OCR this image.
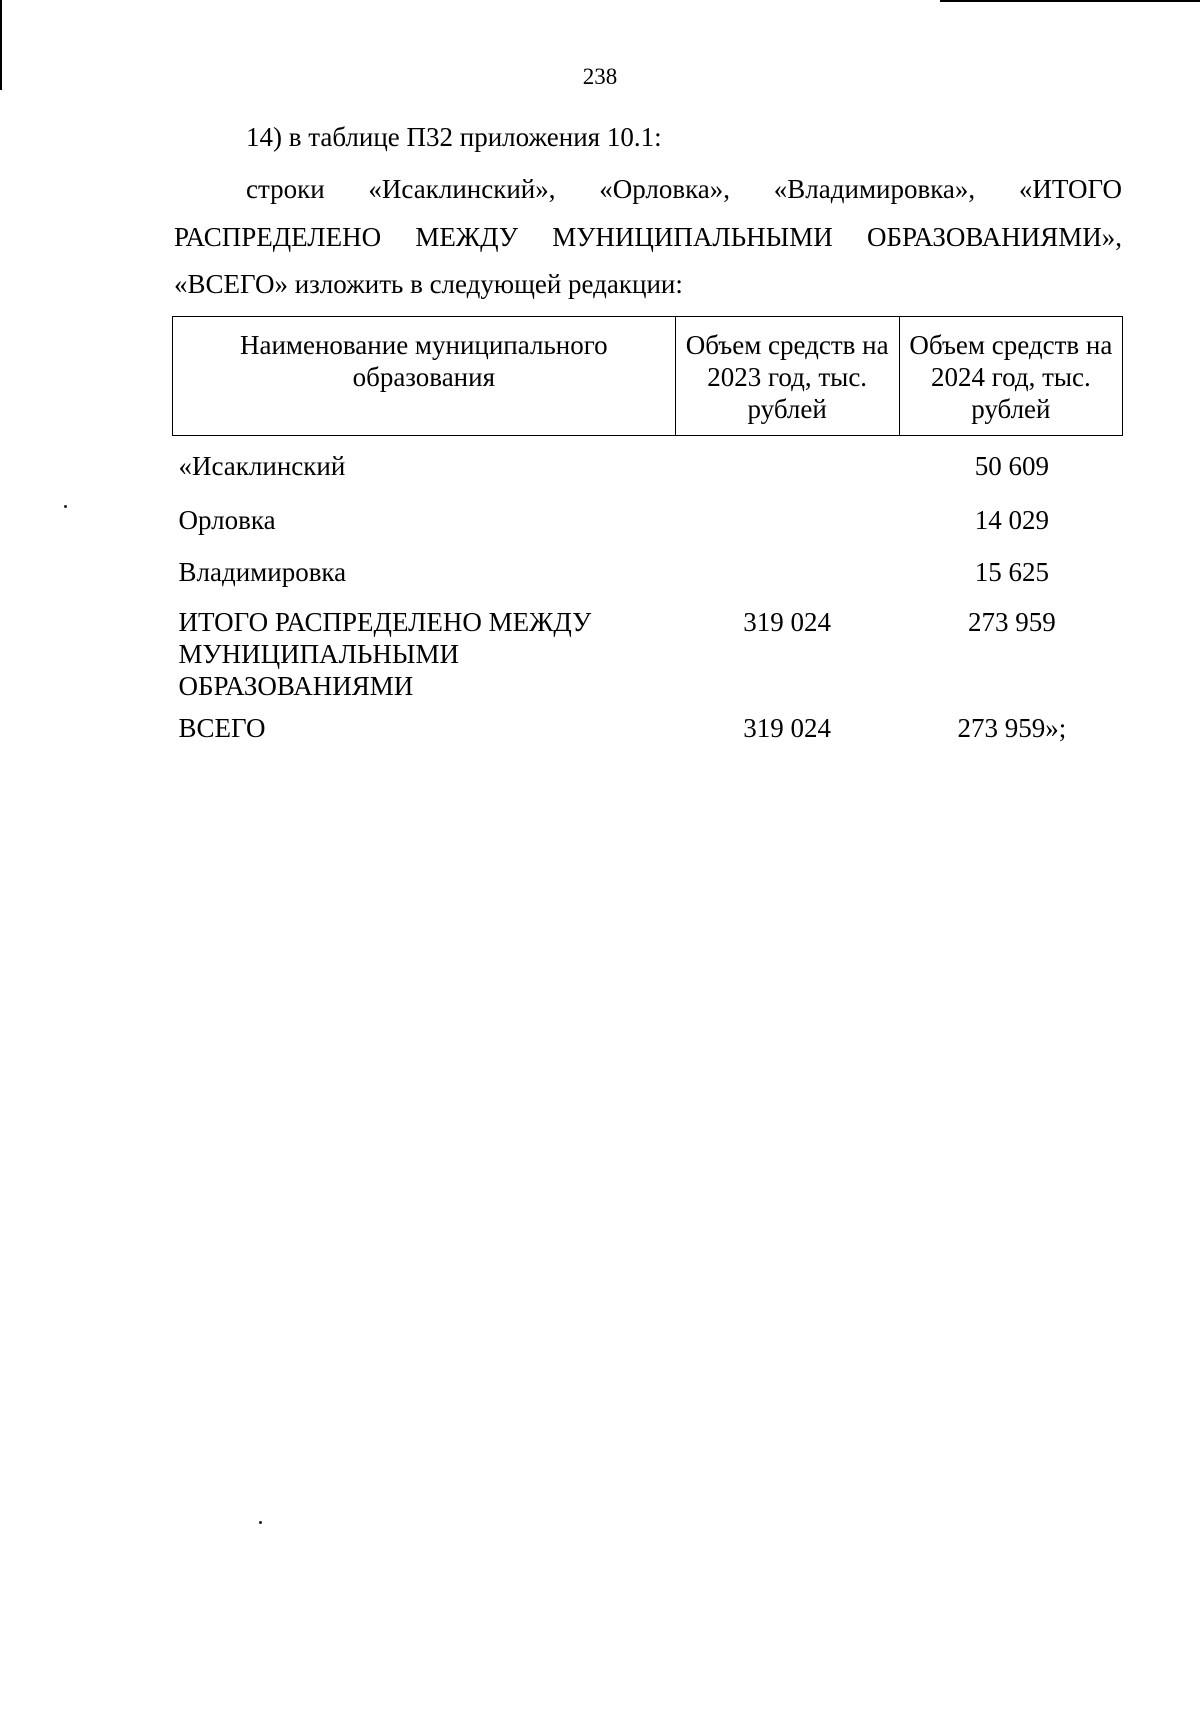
238
14) в таблице П32 приложения 10.1:
строки «Исаклинский», «Орловка», «Владимировка», «ИТОГО РАСПРЕДЕЛЕНО МЕЖДУ МУНИЦИПАЛЬНЫМИ ОБРАЗОВАНИЯМИ», «ВСЕГО» изложить в следующей редакции:
Наименование муниципального образования	Объем средств на 2023 год, тыс. рублей	Объем средств на 2024 год, тыс. рублей
«Исаклинский		50 609
Орловка		14 029
Владимировка		15 625
ИТОГО РАСПРЕДЕЛЕНО МЕЖДУ МУНИЦИПАЛЬНЫМИ ОБРАЗОВАНИЯМИ	319 024	273 959
ВСЕГО	319 024	273 959»;
